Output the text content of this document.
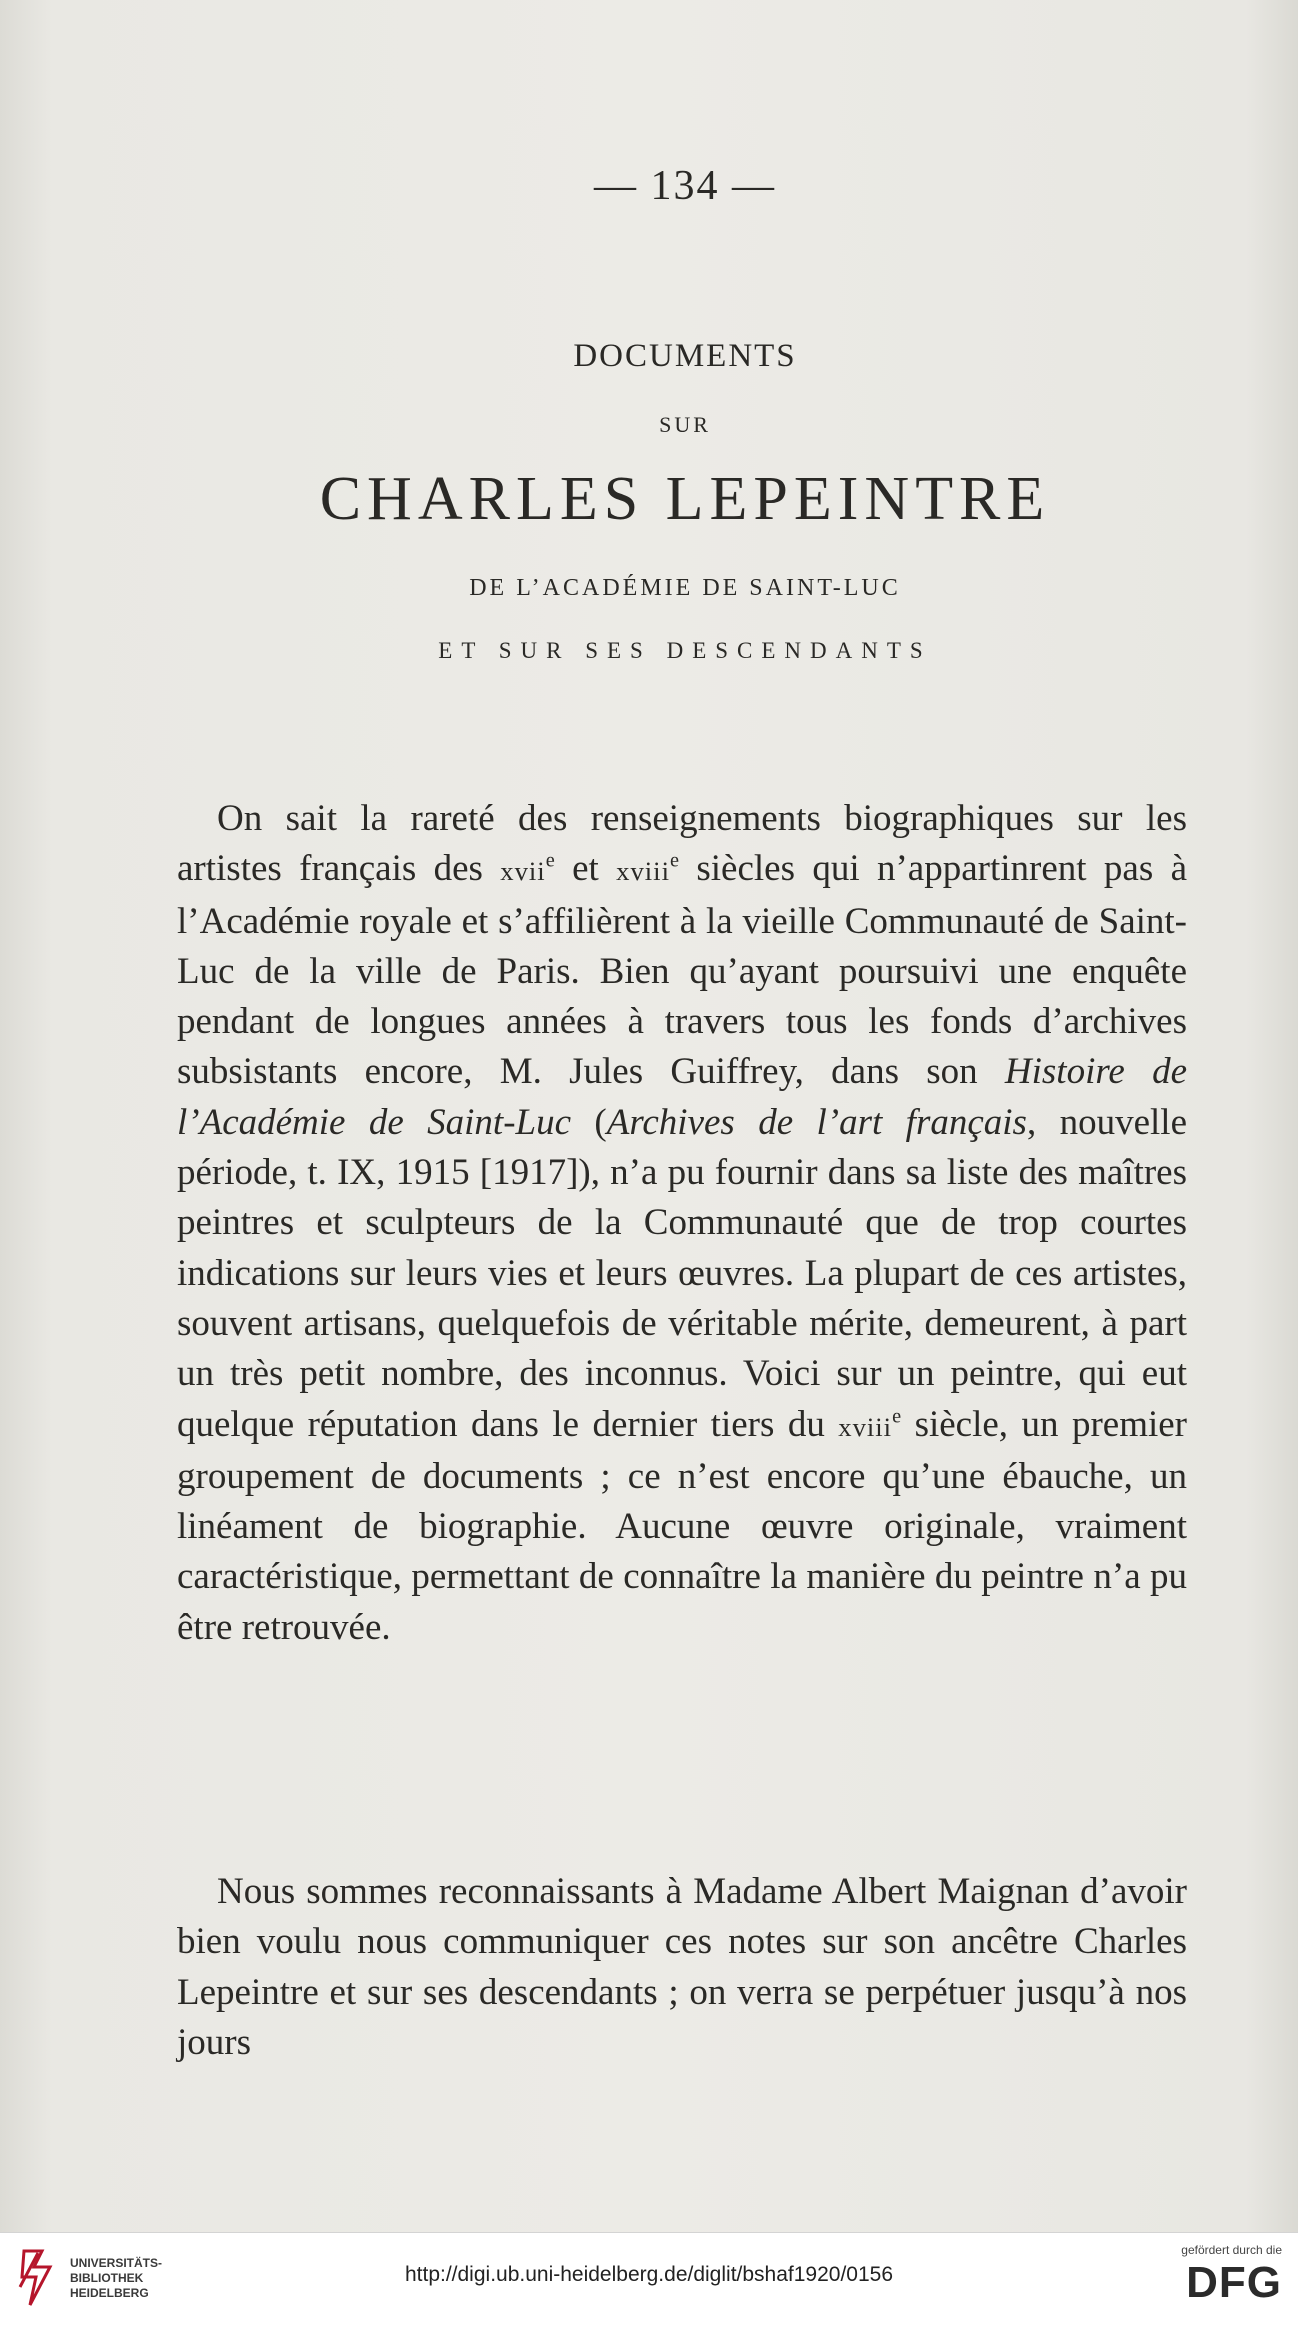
— 134 —
DOCUMENTS
SUR
CHARLES LEPEINTRE
DE L’ACADÉMIE DE SAINT-LUC
ET SUR SES DESCENDANTS

On sait la rareté des renseignements biographiques sur les artistes français des xvii$^e$ et xviii$^e$ siècles qui n’appartinrent pas à l’Académie royale et s’affilièrent à la vieille Communauté de Saint-Luc de la ville de Paris. Bien qu’ayant poursuivi une enquête pendant de longues années à travers tous les fonds d’archives subsistants encore, M. Jules Guiffrey, dans son Histoire de l’Académie de Saint-Luc (Archives de l’art français, nouvelle période, t. IX, 1915 [1917]), n’a pu fournir dans sa liste des maîtres peintres et sculpteurs de la Communauté que de trop courtes indications sur leurs vies et leurs œuvres. La plupart de ces artistes, souvent artisans, quelquefois de véritable mérite, demeurent, à part un très petit nombre, des inconnus. Voici sur un peintre, qui eut quelque réputation dans le dernier tiers du xviii$^e$ siècle, un premier groupement de documents ; ce n’est encore qu’une ébauche, un linéament de biographie. Aucune œuvre originale, vraiment caractéristique, permettant de connaître la manière du peintre n’a pu être retrouvée.

Nous sommes reconnaissants à Madame Albert Maignan d’avoir bien voulu nous communiquer ces notes sur son ancêtre Charles Lepeintre et sur ses descendants ; on verra se perpétuer jusqu’à nos jours

UNIVERSITÄTS-
BIBLIOTHEK
HEIDELBERG
http://digi.ub.uni-heidelberg.de/diglit/bshaf1920/0156
gefördert durch die
DFG
